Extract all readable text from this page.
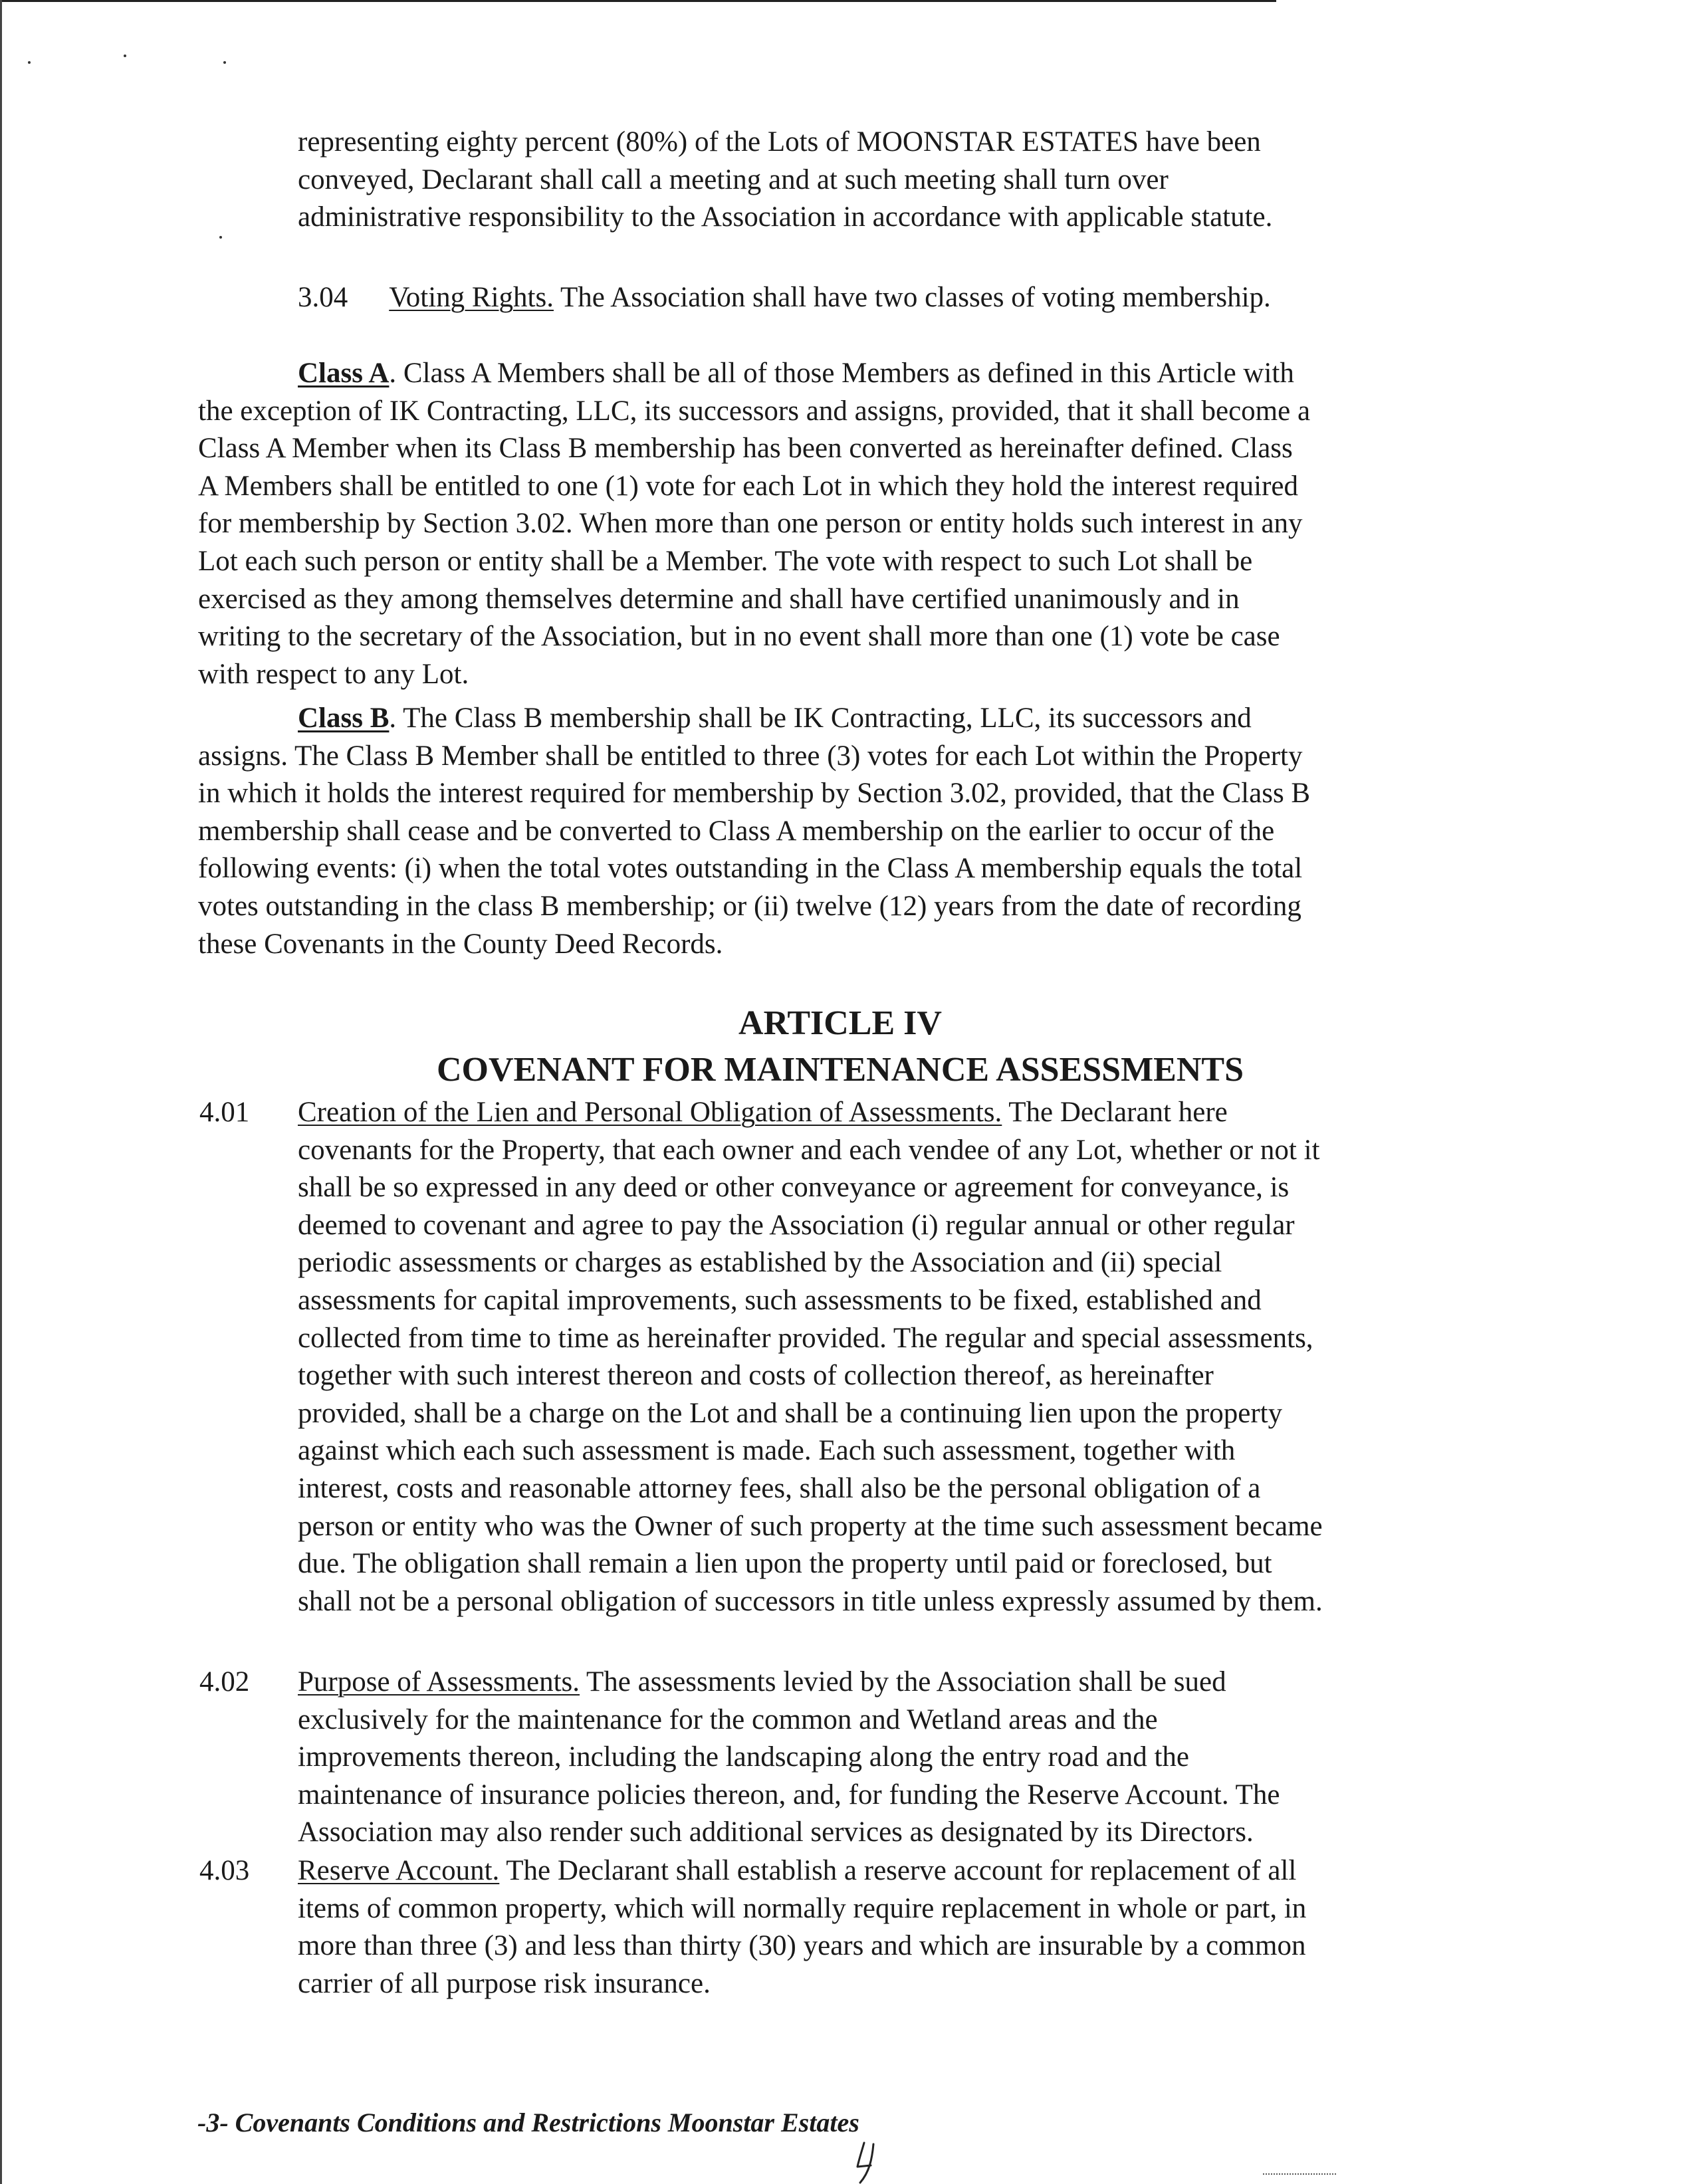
representing eighty percent (80%) of the Lots of MOONSTAR ESTATES have been
conveyed, Declarant shall call a meeting and at such meeting shall turn over
administrative responsibility to the Association in accordance with applicable statute.
3.04 Voting Rights. The Association shall have two classes of voting membership.
Class A. Class A Members shall be all of those Members as defined in this Article with
the exception of IK Contracting, LLC, its successors and assigns, provided, that it shall become a
Class A Member when its Class B membership has been converted as hereinafter defined. Class
A Members shall be entitled to one (1) vote for each Lot in which they hold the interest required
for membership by Section 3.02. When more than one person or entity holds such interest in any
Lot each such person or entity shall be a Member. The vote with respect to such Lot shall be
exercised as they among themselves determine and shall have certified unanimously and in
writing to the secretary of the Association, but in no event shall more than one (1) vote be case
with respect to any Lot.
Class B. The Class B membership shall be IK Contracting, LLC, its successors and
assigns. The Class B Member shall be entitled to three (3) votes for each Lot within the Property
in which it holds the interest required for membership by Section 3.02, provided, that the Class B
membership shall cease and be converted to Class A membership on the earlier to occur of the
following events: (i) when the total votes outstanding in the Class A membership equals the total
votes outstanding in the class B membership; or (ii) twelve (12) years from the date of recording
these Covenants in the County Deed Records.
ARTICLE IV
COVENANT FOR MAINTENANCE ASSESSMENTS
4.01 Creation of the Lien and Personal Obligation of Assessments. The Declarant here
covenants for the Property, that each owner and each vendee of any Lot, whether or not it
shall be so expressed in any deed or other conveyance or agreement for conveyance, is
deemed to covenant and agree to pay the Association (i) regular annual or other regular
periodic assessments or charges as established by the Association and (ii) special
assessments for capital improvements, such assessments to be fixed, established and
collected from time to time as hereinafter provided. The regular and special assessments,
together with such interest thereon and costs of collection thereof, as hereinafter
provided, shall be a charge on the Lot and shall be a continuing lien upon the property
against which each such assessment is made. Each such assessment, together with
interest, costs and reasonable attorney fees, shall also be the personal obligation of a
person or entity who was the Owner of such property at the time such assessment became
due. The obligation shall remain a lien upon the property until paid or foreclosed, but
shall not be a personal obligation of successors in title unless expressly assumed by them.
4.02 Purpose of Assessments. The assessments levied by the Association shall be sued
exclusively for the maintenance for the common and Wetland areas and the
improvements thereon, including the landscaping along the entry road and the
maintenance of insurance policies thereon, and, for funding the Reserve Account. The
Association may also render such additional services as designated by its Directors.
4.03 Reserve Account. The Declarant shall establish a reserve account for replacement of all
items of common property, which will normally require replacement in whole or part, in
more than three (3) and less than thirty (30) years and which are insurable by a common
carrier of all purpose risk insurance.
-3- Covenants Conditions and Restrictions Moonstar Estates
